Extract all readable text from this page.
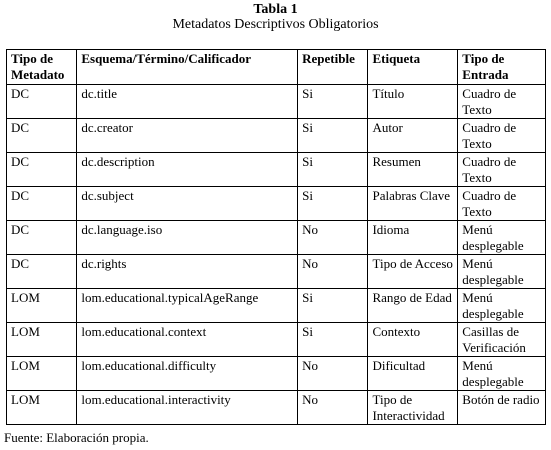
Tabla 1
Metadatos Descriptivos Obligatorios
Tipo de Metadato	Esquema/Término/Calificador	Repetible	Etiqueta	Tipo de Entrada
DC	dc.title	Si	Título	Cuadro de Texto
DC	dc.creator	Si	Autor	Cuadro de Texto
DC	dc.description	Si	Resumen	Cuadro de Texto
DC	dc.subject	Si	Palabras Clave	Cuadro de Texto
DC	dc.language.iso	No	Idioma	Menú desplegable
DC	dc.rights	No	Tipo de Acceso	Menú desplegable
LOM	lom.educational.typicalAgeRange	Si	Rango de Edad	Menú desplegable
LOM	lom.educational.context	Si	Contexto	Casillas de Verificación
LOM	lom.educational.difficulty	No	Dificultad	Menú desplegable
LOM	lom.educational.interactivity	No	Tipo de Interactividad	Botón de radio
Fuente: Elaboración propia.
